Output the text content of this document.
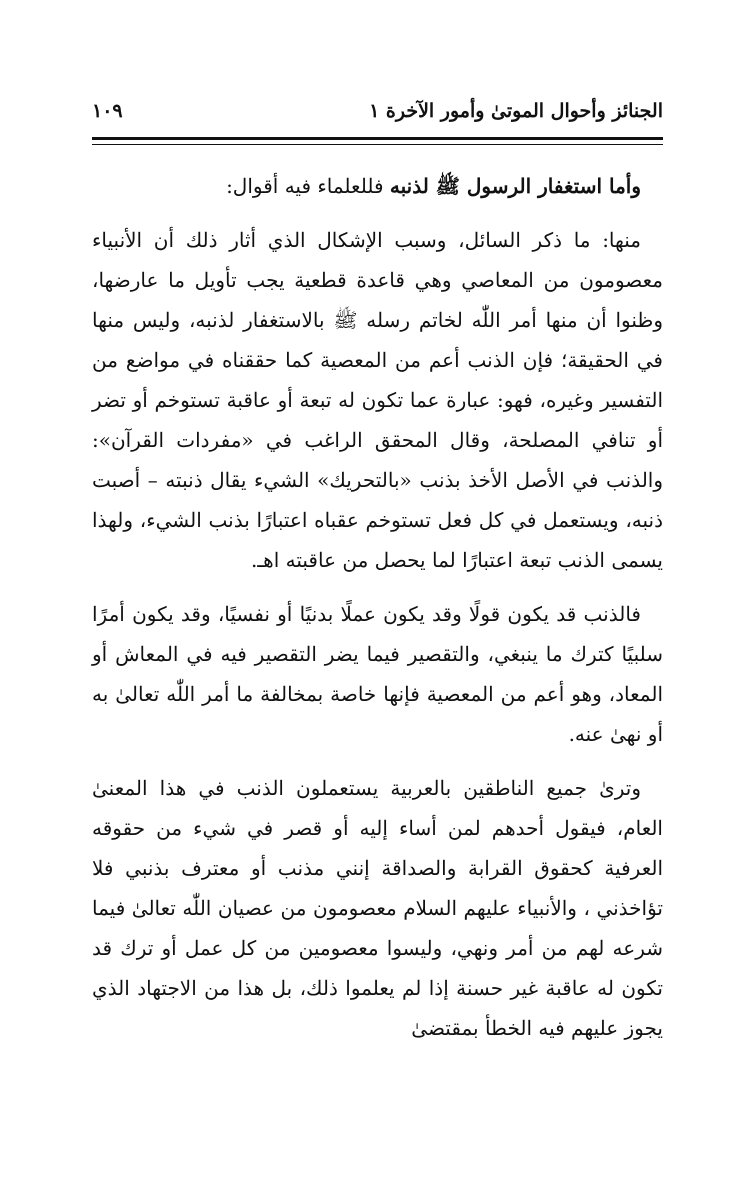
الجنائز وأحوال الموتىٰ وأمور الآخرة ١
١٠٩

وأما استغفار الرسول ﷺ لذنبه فللعلماء فيه أقوال:

منها: ما ذكر السائل، وسبب الإشكال الذي أثار ذلك أن الأنبياء معصومون من المعاصي وهي قاعدة قطعية يجب تأويل ما عارضها، وظنوا أن منها أمر اللّٰه لخاتم رسله ﷺ بالاستغفار لذنبه، وليس منها في الحقيقة؛ فإن الذنب أعم من المعصية كما حققناه في مواضع من التفسير وغيره، فهو: عبارة عما تكون له تبعة أو عاقبة تستوخم أو تضر أو تنافي المصلحة، وقال المحقق الراغب في «مفردات القرآن»: والذنب في الأصل الأخذ بذنب «بالتحريك» الشيء يقال ذنبته – أصبت ذنبه، ويستعمل في كل فعل تستوخم عقباه اعتبارًا بذنب الشيء، ولهذا يسمى الذنب تبعة اعتبارًا لما يحصل من عاقبته اهـ.

فالذنب قد يكون قولًا وقد يكون عملًا بدنيًا أو نفسيًا، وقد يكون أمرًا سلبيًا كترك ما ينبغي، والتقصير فيما يضر التقصير فيه في المعاش أو المعاد، وهو أعم من المعصية فإنها خاصة بمخالفة ما أمر اللّٰه تعالىٰ به أو نهىٰ عنه.

وترىٰ جميع الناطقين بالعربية يستعملون الذنب في هذا المعنىٰ العام، فيقول أحدهم لمن أساء إليه أو قصر في شيء من حقوقه العرفية كحقوق القرابة والصداقة إنني مذنب أو معترف بذنبي فلا تؤاخذني ، والأنبياء عليهم السلام معصومون من عصيان اللّٰه تعالىٰ فيما شرعه لهم من أمر ونهي، وليسوا معصومين من كل عمل أو ترك قد تكون له عاقبة غير حسنة إذا لم يعلموا ذلك، بل هذا من الاجتهاد الذي يجوز عليهم فيه الخطأ بمقتضىٰ
